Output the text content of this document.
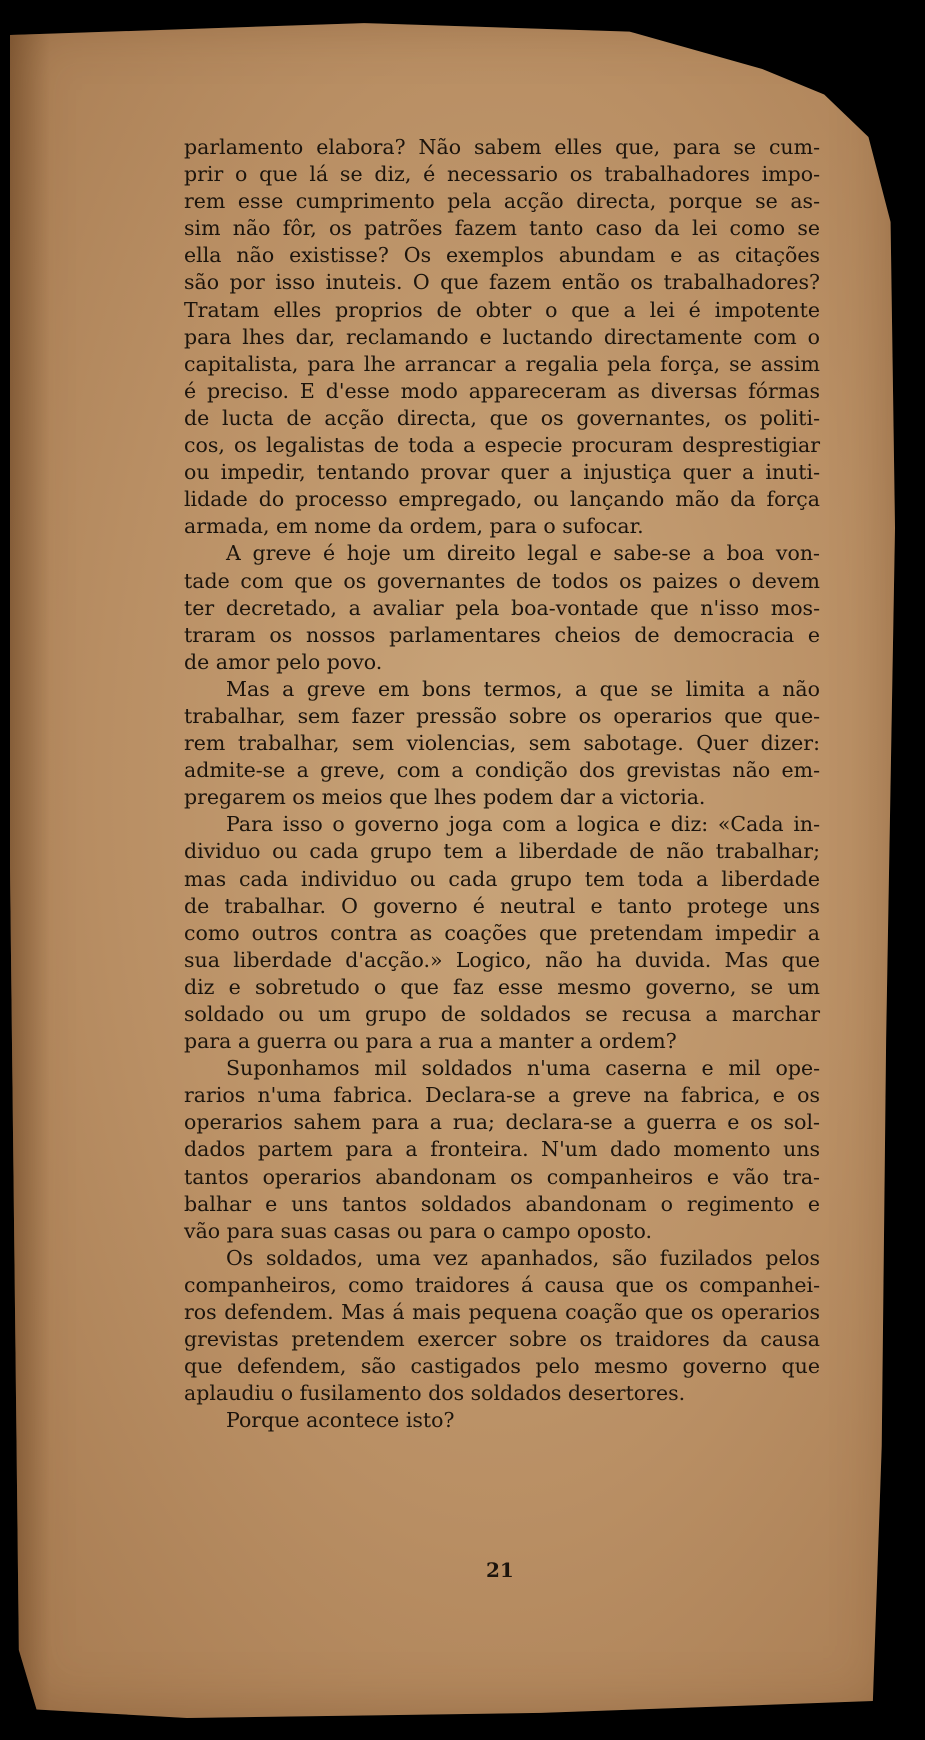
parlamento elabora? Não sabem elles que, para se cum-
prir o que lá se diz, é necessario os trabalhadores impo-
rem esse cumprimento pela acção directa, porque se as-
sim não fôr, os patrões fazem tanto caso da lei como se
ella não existisse? Os exemplos abundam e as citações
são por isso inuteis. O que fazem então os trabalhadores?
Tratam elles proprios de obter o que a lei é impotente
para lhes dar, reclamando e luctando directamente com o
capitalista, para lhe arrancar a regalia pela força, se assim
é preciso. E d'esse modo appareceram as diversas fórmas
de lucta de acção directa, que os governantes, os politi-
cos, os legalistas de toda a especie procuram desprestigiar
ou impedir, tentando provar quer a injustiça quer a inuti-
lidade do processo empregado, ou lançando mão da força
armada, em nome da ordem, para o sufocar.
A greve é hoje um direito legal e sabe-se a boa von-
tade com que os governantes de todos os paizes o devem
ter decretado, a avaliar pela boa-vontade que n'isso mos-
traram os nossos parlamentares cheios de democracia e
de amor pelo povo.
Mas a greve em bons termos, a que se limita a não
trabalhar, sem fazer pressão sobre os operarios que que-
rem trabalhar, sem violencias, sem sabotage. Quer dizer:
admite-se a greve, com a condição dos grevistas não em-
pregarem os meios que lhes podem dar a victoria.
Para isso o governo joga com a logica e diz: «Cada in-
dividuo ou cada grupo tem a liberdade de não trabalhar;
mas cada individuo ou cada grupo tem toda a liberdade
de trabalhar. O governo é neutral e tanto protege uns
como outros contra as coações que pretendam impedir a
sua liberdade d'acção.» Logico, não ha duvida. Mas que
diz e sobretudo o que faz esse mesmo governo, se um
soldado ou um grupo de soldados se recusa a marchar
para a guerra ou para a rua a manter a ordem?
Suponhamos mil soldados n'uma caserna e mil ope-
rarios n'uma fabrica. Declara-se a greve na fabrica, e os
operarios sahem para a rua; declara-se a guerra e os sol-
dados partem para a fronteira. N'um dado momento uns
tantos operarios abandonam os companheiros e vão tra-
balhar e uns tantos soldados abandonam o regimento e
vão para suas casas ou para o campo oposto.
Os soldados, uma vez apanhados, são fuzilados pelos
companheiros, como traidores á causa que os companhei-
ros defendem. Mas á mais pequena coação que os operarios
grevistas pretendem exercer sobre os traidores da causa
que defendem, são castigados pelo mesmo governo que
aplaudiu o fusilamento dos soldados desertores.
Porque acontece isto?
21
